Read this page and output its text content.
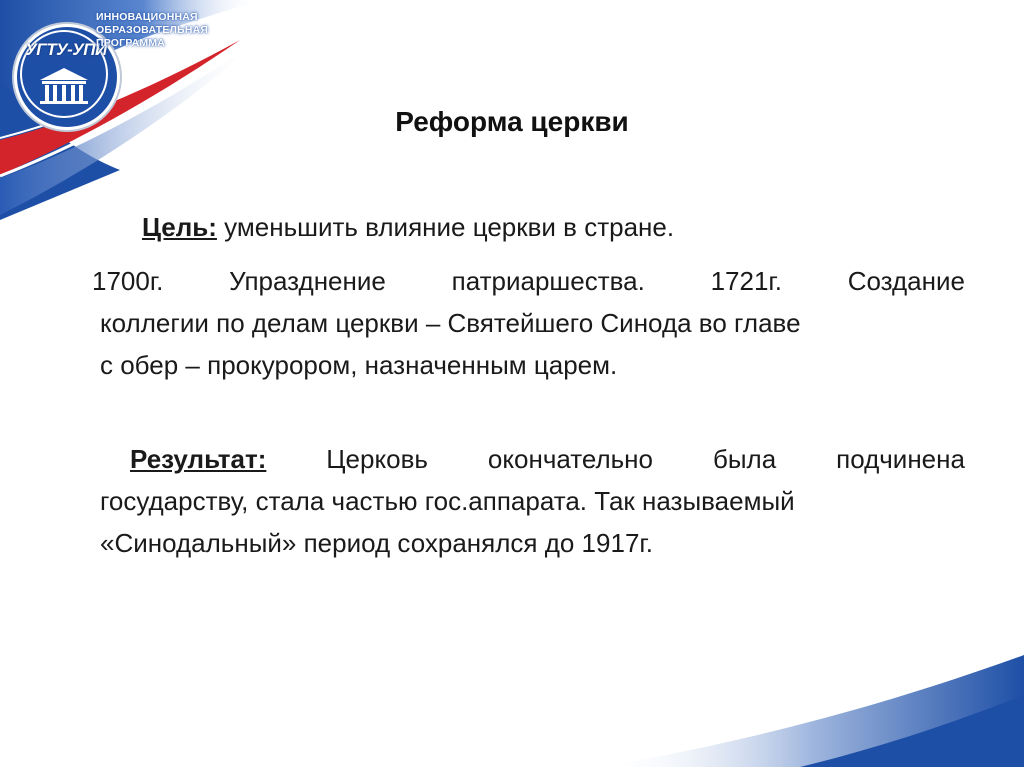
УГТУ-УПИ
ИННОВАЦИОННАЯ
ОБРАЗОВАТЕЛЬНАЯ
ПРОГРАММА
Реформа церкви
Цель: уменьшить влияние церкви в стране.
1700г.	Упразднение	патриаршества.	1721г.	Создание
коллегии по делам церкви – Святейшего Синода во главе
с обер – прокурором, назначенным царем.
Результат: Церковь окончательно была подчинена
государству, стала частью гос.аппарата. Так называемый
«Синодальный» период сохранялся до 1917г.
